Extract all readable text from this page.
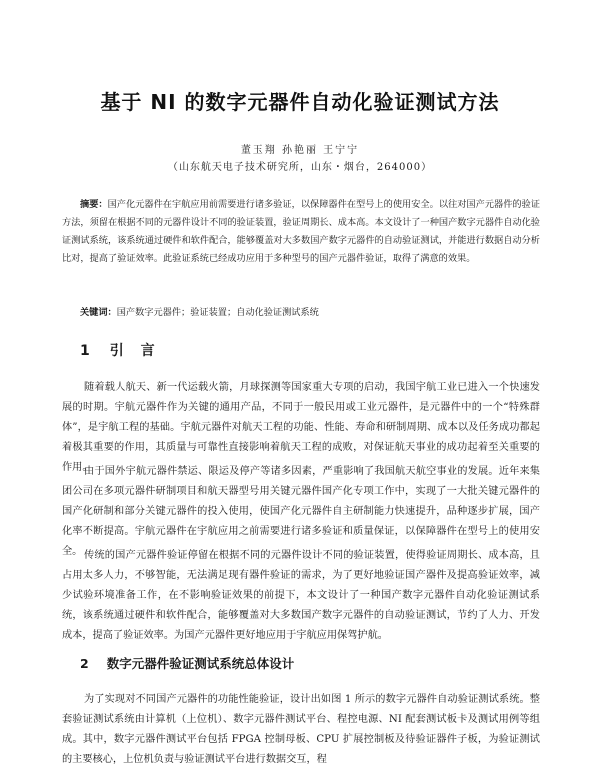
基于 NI 的数字元器件自动化验证测试方法
董玉翔 孙艳丽 王宁宁
（山东航天电子技术研究所，山东・烟台，264000）
摘要：国产化元器件在宇航应用前需要进行诸多验证，以保障器件在型号上的使用安全。以往对国产元器件的验证方法，须留在根据不同的元器件设计不同的验证装置，验证周期长、成本高。本文设计了一种国产数字元器件自动化验证测试系统，该系统通过硬件和软件配合，能够覆盖对大多数国产数字元器件的自动验证测试，并能进行数据自动分析比对，提高了验证效率。此验证系统已经成功应用于多种型号的国产元器件验证，取得了满意的效果。
关键词：国产数字元器件；验证装置；自动化验证测试系统
1 引 言
随着载人航天、新一代运载火箭，月球探测等国家重大专项的启动，我国宇航工业已进入一个快速发展的时期。宇航元器件作为关键的通用产品，不同于一般民用或工业元器件，是元器件中的一个“特殊群体”，是宇航工程的基础。宇航元器件对航天工程的功能、性能、寿命和研制周期、成本以及任务成功都起着极其重要的作用，其质量与可靠性直接影响着航天工程的成败，对保证航天事业的成功起着至关重要的作用。
由于国外宇航元器件禁运、限运及停产等诸多因素，严重影响了我国航天航空事业的发展。近年来集团公司在多项元器件研制项目和航天器型号用关键元器件国产化专项工作中，实现了一大批关键元器件的国产化研制和部分关键元器件的投入使用，使国产化元器件自主研制能力快速提升，品种逐步扩展，国产化率不断提高。宇航元器件在宇航应用之前需要进行诸多验证和质量保证，以保障器件在型号上的使用安全。 传统的国产元器件验证停留在根据不同的元器件设计不同的验证装置，使得验证周期长、成本高，且占用太多人力，不够智能，无法满足现有器件验证的需求，为了更好地验证国产器件及提高验证效率，减少试验环境准备工作，在不影响验证效果的前提下，本文设计了一种国产数字元器件自动化验证测试系统，该系统通过硬件和软件配合，能够覆盖对大多数国产数字元器件的自动验证测试，节约了人力、开发成本，提高了验证效率。为国产元器件更好地应用于宇航应用保驾护航。
2 数字元器件验证测试系统总体设计
为了实现对不同国产元器件的功能性能验证，设计出如图 1 所示的数字元器件自动验证测试系统。整套验证测试系统由计算机（上位机）、数字元器件测试平台、程控电源、NI 配套测试板卡及测试用例等组成。其中，数字元器件测试平台包括 FPGA 控制母板、CPU 扩展控制板及待验证器件子板，为验证测试的主要核心，上位机负责与验证测试平台进行数据交互，程
